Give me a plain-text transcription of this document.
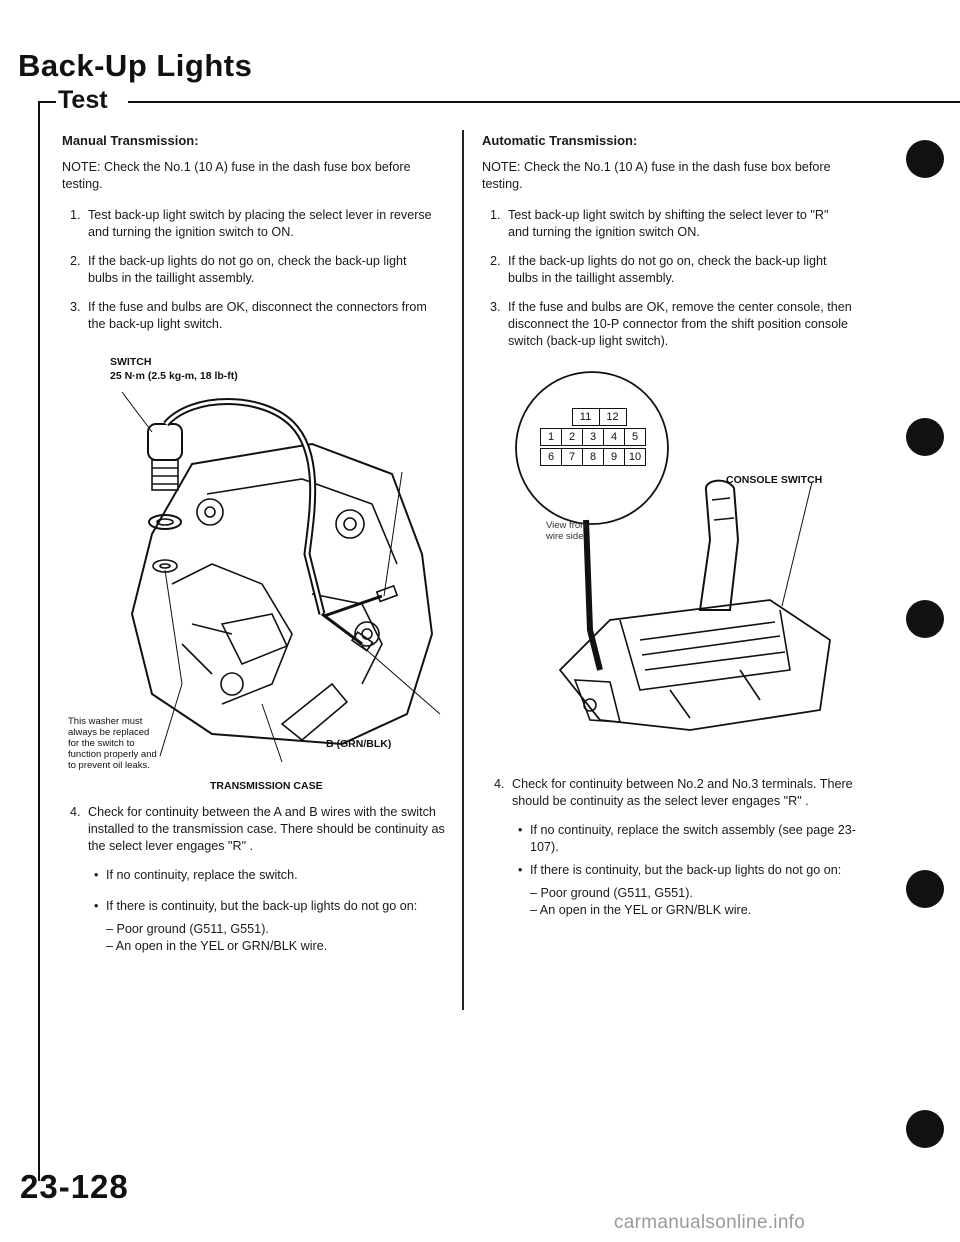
Back-Up Lights
Test
Manual Transmission:
NOTE: Check the No.1 (10 A) fuse in the dash fuse box before testing.
1. Test back-up light switch by placing the select lever in reverse and turning the ignition switch to ON.
2. If the back-up lights do not go on, check the back-up light bulbs in the taillight assembly.
3. If the fuse and bulbs are OK, disconnect the connectors from the back-up light switch.
SWITCH
25 N·m (2.5 kg-m, 18 lb-ft)
A (YEL)
This washer must always be replaced for the switch to function properly and to prevent oil leaks.
B (GRN/BLK)
TRANSMISSION CASE
4. Check for continuity between the A and B wires with the switch installed to the transmission case. There should be continuity as the select lever engages "R" .
• If no continuity, replace the switch.
• If there is continuity, but the back-up lights do not go on:
– Poor ground (G511, G551).
– An open in the YEL or GRN/BLK wire.
Automatic Transmission:
NOTE: Check the No.1 (10 A) fuse in the dash fuse box before testing.
1. Test back-up light switch by shifting the select lever to "R" and turning the ignition switch ON.
2. If the back-up lights do not go on, check the back-up light bulbs in the taillight assembly.
3. If the fuse and bulbs are OK, remove the center console, then disconnect the 10-P connector from the shift position console switch (back-up light switch).
11	12
1	2	3	4	5
6	7	8	9	10
CONSOLE SWITCH
View from wire side
4. Check for continuity between No.2 and No.3 terminals. There should be continuity as the select lever engages "R" .
• If no continuity, replace the switch assembly (see page 23-107).
• If there is continuity, but the back-up lights do not go on:
– Poor ground (G511, G551).
– An open in the YEL or GRN/BLK wire.
23-128
carmanualsonline.info
